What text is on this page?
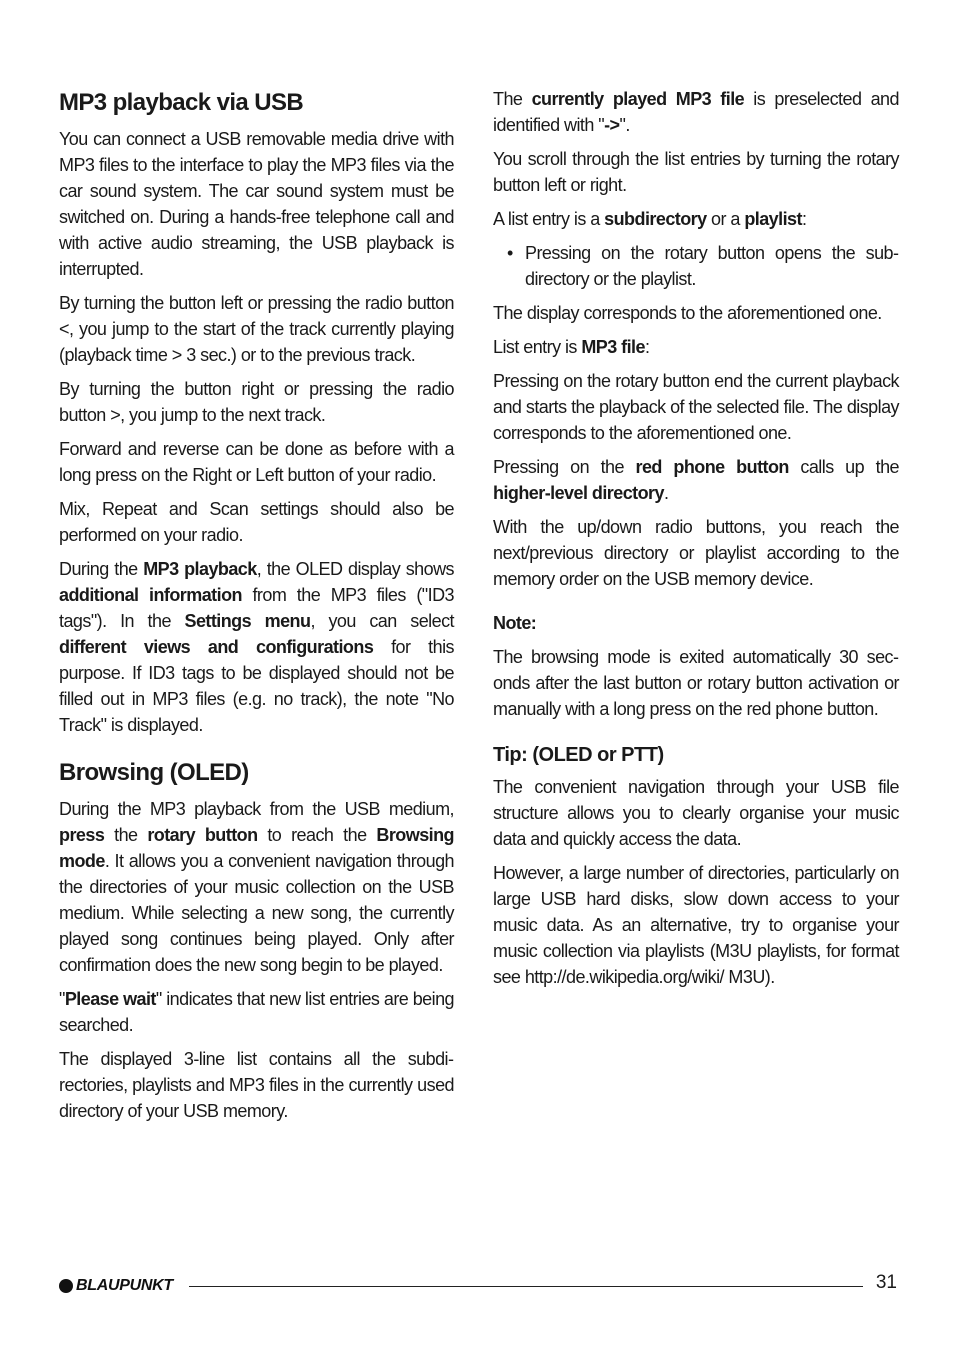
MP3 playback via USB

You can connect a USB removable media drive with MP3 files to the interface to play the MP3 files via the car sound system. The car sound system must be switched on. During a hands-free telephone call and with active audio streaming, the USB playback is interrupted.

By turning the button left or pressing the radio button <, you jump to the start of the track currently playing (playback time > 3 sec.) or to the previous track.

By turning the button right or pressing the radio button >, you jump to the next track.

Forward and reverse can be done as before with a long press on the Right or Left button of your radio.

Mix, Repeat and Scan settings should also be performed on your radio.

During the MP3 playback, the OLED display shows additional information from the MP3 files ("ID3 tags"). In the Settings menu, you can select different views and configurations for this purpose. If ID3 tags to be displayed should not be filled out in MP3 files (e.g. no track), the note "No Track" is displayed.

Browsing (OLED)

During the MP3 playback from the USB medium, press the rotary button to reach the Browsing mode. It allows you a convenient navigation through the directories of your music collection on the USB medium. While selecting a new song, the currently played song continues being played. Only after confirmation does the new song begin to be played.

"Please wait" indicates that new list entries are being searched.

The displayed 3-line list contains all the subdirectories, playlists and MP3 files in the currently used directory of your USB memory.

The currently played MP3 file is preselected and identified with "->".

You scroll through the list entries by turning the rotary button left or right.

A list entry is a subdirectory or a playlist:

• Pressing on the rotary button opens the subdirectory or the playlist.

The display corresponds to the aforementioned one.

List entry is MP3 file:

Pressing on the rotary button end the current playback and starts the playback of the selected file. The display corresponds to the aforementioned one.

Pressing on the red phone button calls up the higher-level directory.

With the up/down radio buttons, you reach the next/previous directory or playlist according to the memory order on the USB memory device.

Note:

The browsing mode is exited automatically 30 seconds after the last button or rotary button activation or manually with a long press on the red phone button.

Tip: (OLED or PTT)

The convenient navigation through your USB file structure allows you to clearly organise your music data and quickly access the data.

However, a large number of directories, particularly on large USB hard disks, slow down access to your music data. As an alternative, try to organise your music collection via playlists (M3U playlists, for format see http://de.wikipedia.org/wiki/ M3U).

BLAUPUNKT	31
